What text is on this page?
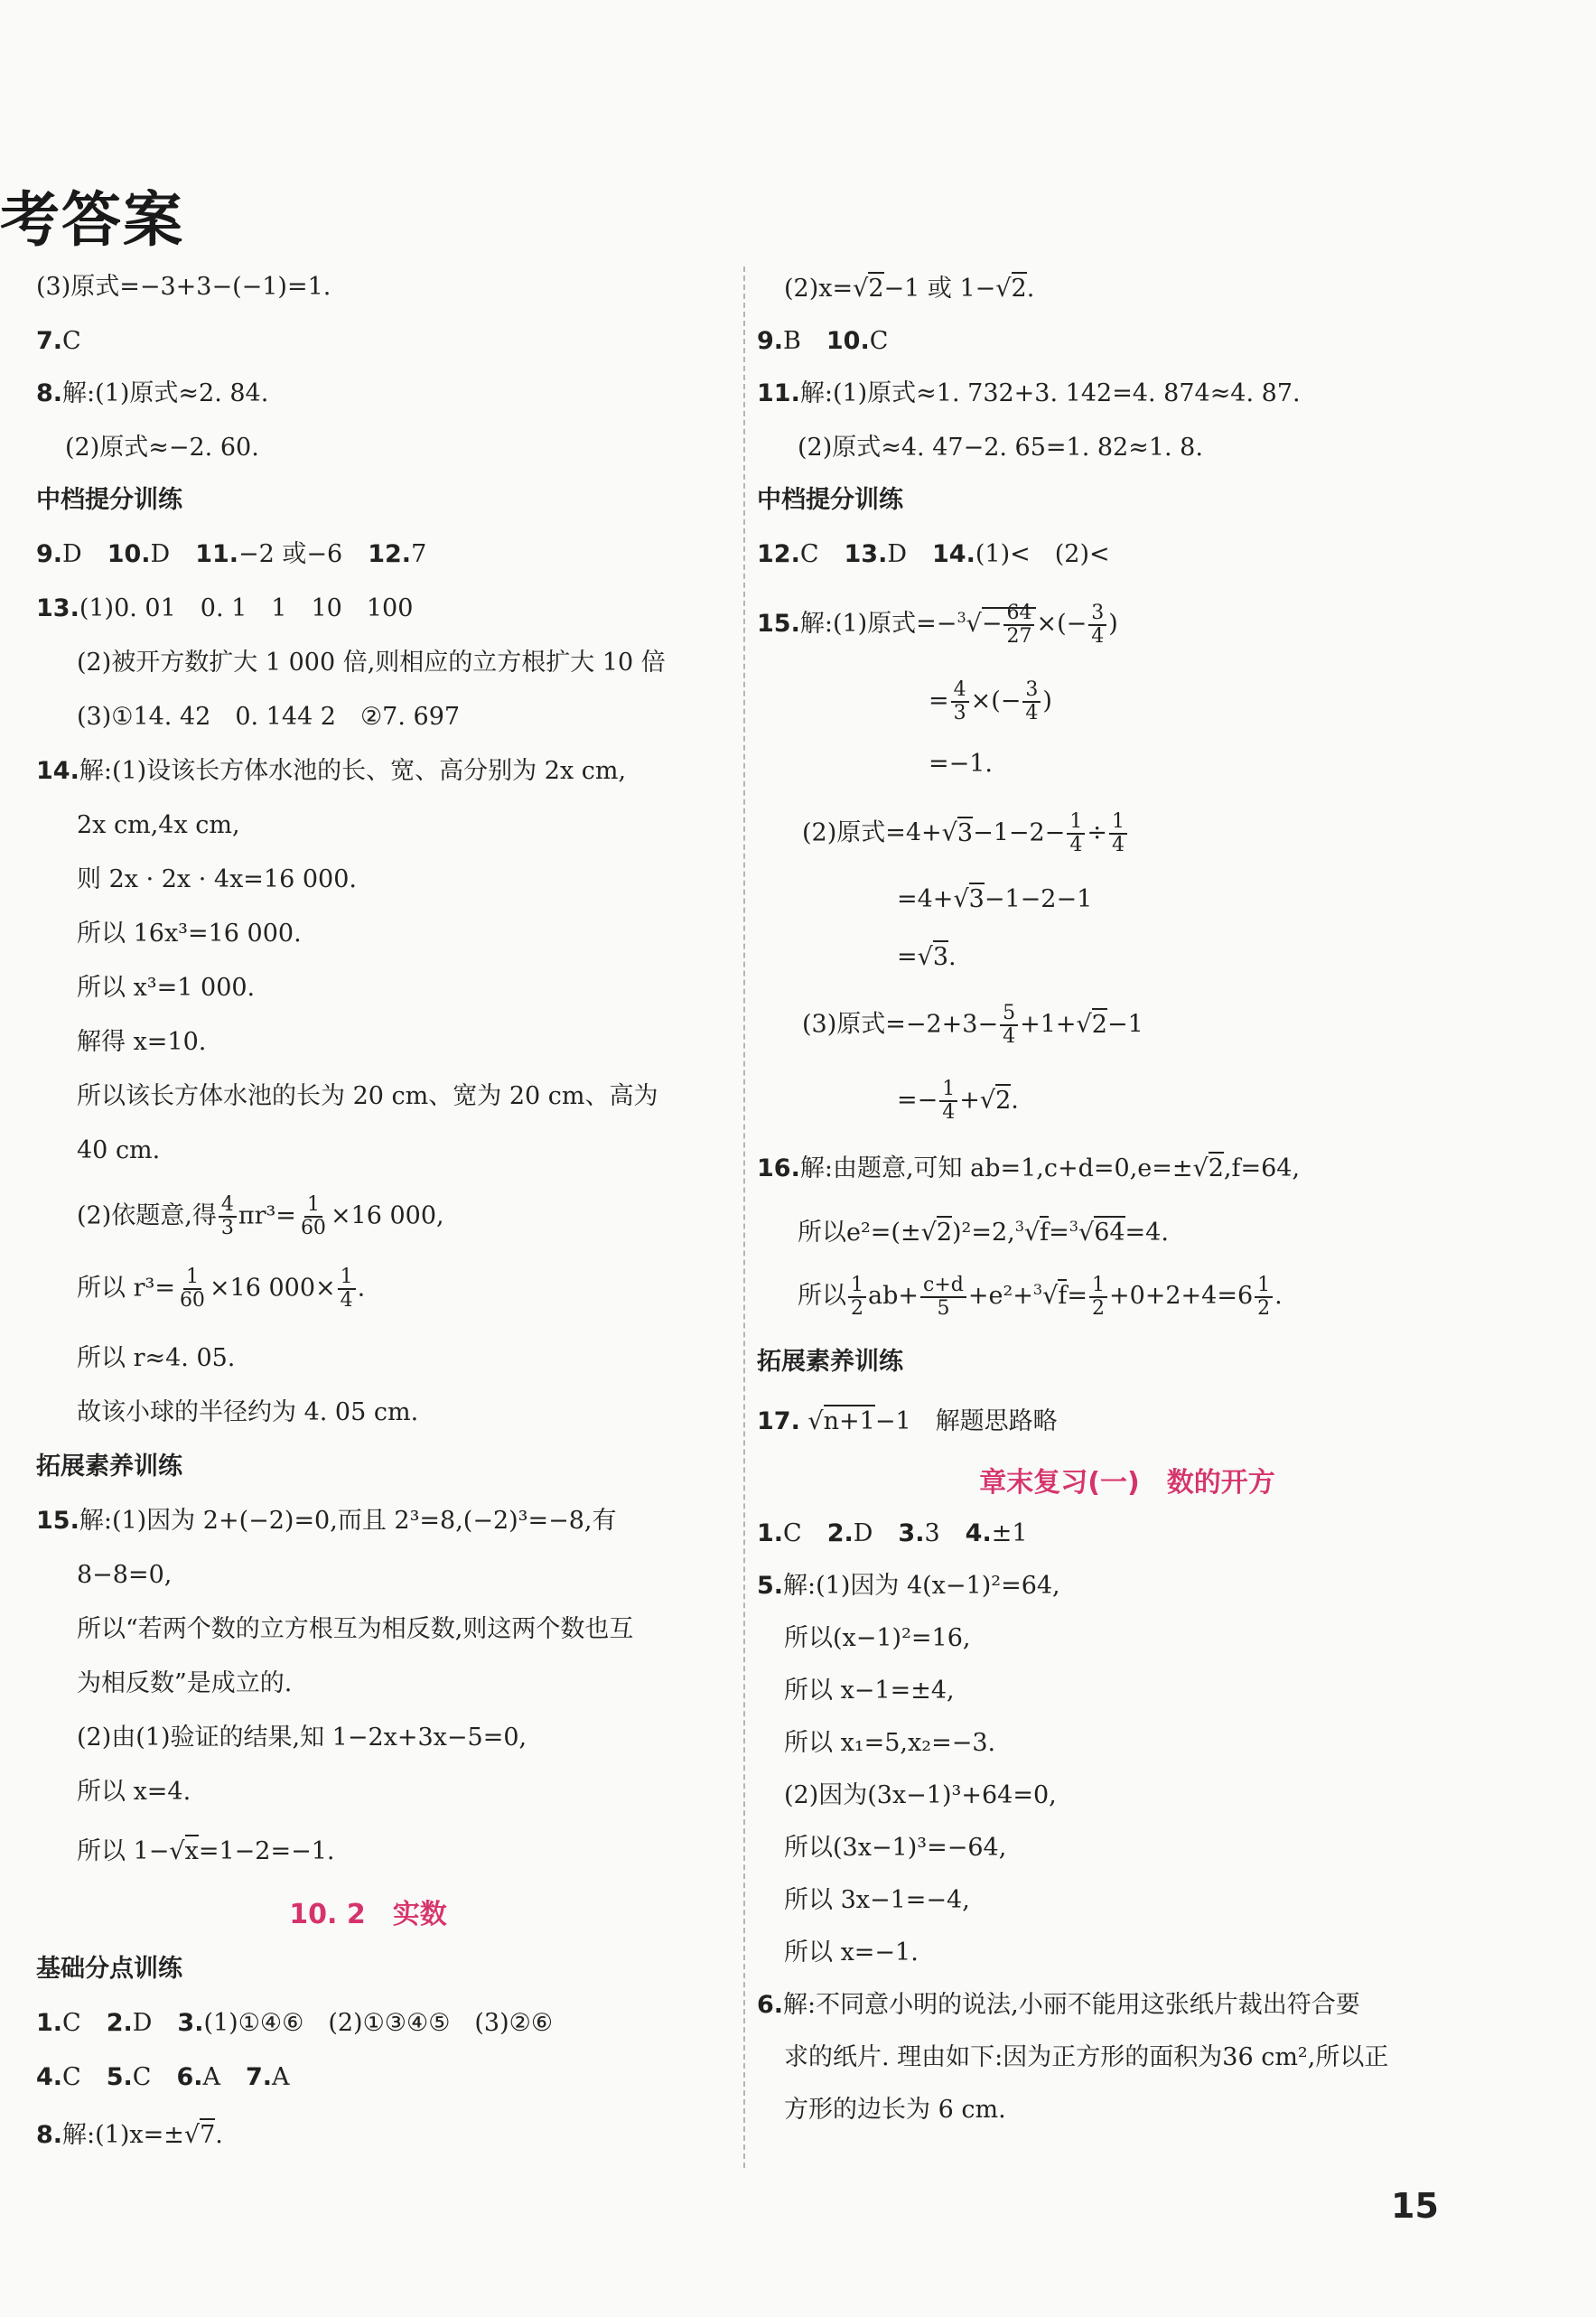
考答案
(3)原式=−3+3−(−1)=1.
7.C
8.解:(1)原式≈2. 84.
(2)原式≈−2. 60.
中档提分训练
9.D 10.D 11.−2 或−6 12.7
13.(1)0. 01　0. 1　1　10　100
(2)被开方数扩大 1 000 倍,则相应的立方根扩大 10 倍
(3)①14. 42　0. 144 2　②7. 697
14.解:(1)设该长方体水池的长、宽、高分别为 2x cm,
2x cm,4x cm,
则 2x · 2x · 4x=16 000.
所以 16x³=16 000.
所以 x³=1 000.
解得 x=10.
所以该长方体水池的长为 20 cm、宽为 20 cm、高为
40 cm.
(2)依题意,得 $\frac{4}{3} \pi r^3= \frac{1}{60} \times 16$ 000,
所以 $r^3= \frac{1}{60} \times 16$ $000\times \frac{1}{4}$ .
所以 r≈4. 05.
故该小球的半径约为 4. 05 cm.
拓展素养训练
15.解:(1)因为 2+(−2)=0,而且 2³=8,(−2)³=−8,有
8−8=0,
所以“若两个数的立方根互为相反数,则这两个数也互
为相反数”是成立的.
(2)由(1)验证的结果,知 1−2x+3x−5=0,
所以 x=4.
所以 1−√x=1−2=−1.
10. 2　实数
基础分点训练
1.C 2.D 3.(1)①④⑥　(2)①③④⑤　(3)②⑥
4.C 5.C 6.A 7.A
8.解:(1)x=±√7.
(2)x=√2−1 或 1−√2.
9.B 10.C
11.解:(1)原式≈1. 732+3. 142=4. 874≈4. 87.
(2)原式≈4. 47−2. 65=1. 82≈1. 8.
中档提分训练
12.C 13.D 14.(1)<　(2)<
15.解:(1)原式$=-^3√- \frac{64}{27}$ ×(− $\frac{3}{4}$ )
= $\frac{4}{3}$ ×(− $\frac{3}{4}$ )
=−1.
(2)原式$=4+√3-1-2- \frac{1}{4} \div \frac{1}{4}$
=4+√3−1−2−1
=√3.
(3)原式$=-2+3- \frac{5}{4} +1+√2-1$
=− $\frac{1}{4} +√2$.
16.解:由题意,可知 ab=1,c+d=0,e=±√2,f=64,
所以e²=(±√2)²=2,$^3$√f=$^3$√64=4.
所以 $\frac{1}{2} ab+ \frac{c+d}{5} +e^2+^3√f= \frac{1}{2} +0+2+4=6 \frac{1}{2}$ .
拓展素养训练
17. √n+1−1　解题思路略
章末复习(一)　数的开方
1.C 2.D 3.3 4.±1
5.解:(1)因为 4(x−1)²=64,
所以(x−1)²=16,
所以 x−1=±4,
所以 x₁=5,x₂=−3.
(2)因为(3x−1)³+64=0,
所以(3x−1)³=−64,
所以 3x−1=−4,
所以 x=−1.
6.解:不同意小明的说法,小丽不能用这张纸片裁出符合要
求的纸片. 理由如下:因为正方形的面积为36 cm²,所以正
方形的边长为 6 cm.
15
